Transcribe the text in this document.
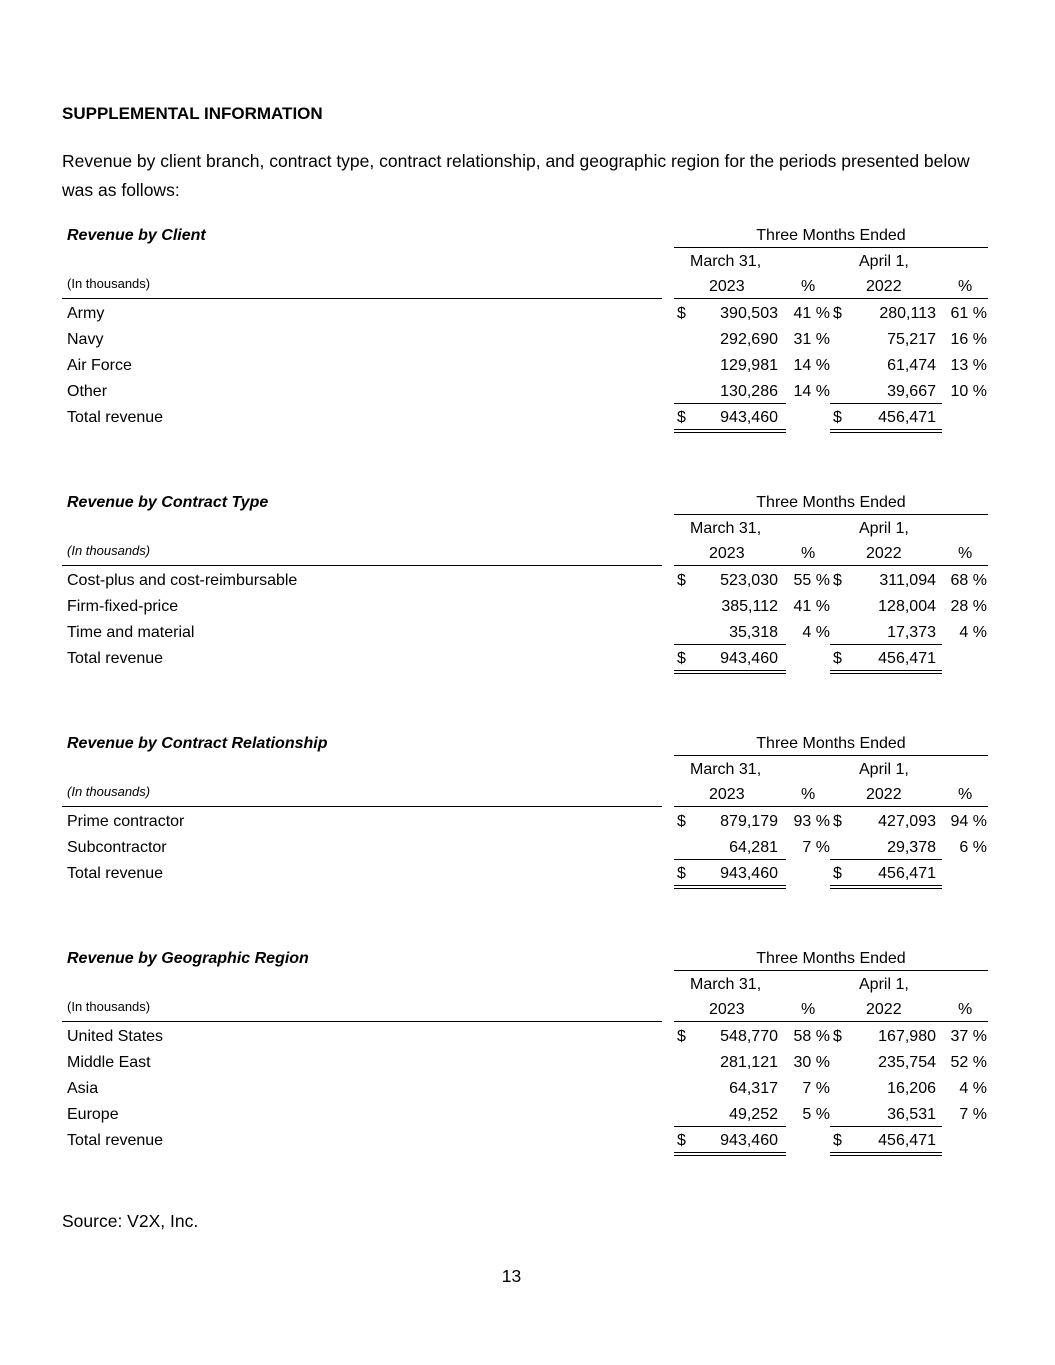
SUPPLEMENTAL INFORMATION
Revenue by client branch, contract type, contract relationship, and geographic region for the periods presented below was as follows:
Revenue by Client	Three Months Ended
March 31,	April 1,
(In thousands)	2023	%	2022	%
Army	$	390,503 41 % $	280,113 61 %
Navy	292,690 31 %	75,217 16 %
Air Force	129,981 14 %	61,474 13 %
Other	130,286 14 %	39,667 10 %
Total revenue	$	943,460	$	456,471
Revenue by Contract Type	Three Months Ended
March 31,	April 1,
(In thousands)	2023	%	2022	%
Cost-plus and cost-reimbursable	$	523,030 55 % $	311,094 68 %
Firm-fixed-price	385,112 41 %	128,004 28 %
Time and material	35,318	4 %	17,373	4 %
Total revenue	$	943,460	$	456,471
Revenue by Contract Relationship	Three Months Ended
March 31,	April 1,
(In thousands)	2023	%	2022	%
Prime contractor	$	879,179 93 % $	427,093 94 %
Subcontractor	64,281	7 %	29,378	6 %
Total revenue	$	943,460	$	456,471
Revenue by Geographic Region	Three Months Ended
March 31,	April 1,
(In thousands)	2023	%	2022	%
United States	$	548,770 58 % $	167,980 37 %
Middle East	281,121 30 %	235,754 52 %
Asia	64,317	7 %	16,206	4 %
Europe	49,252	5 %	36,531	7 %
Total revenue	$	943,460	$	456,471
Source: V2X, Inc.
13
